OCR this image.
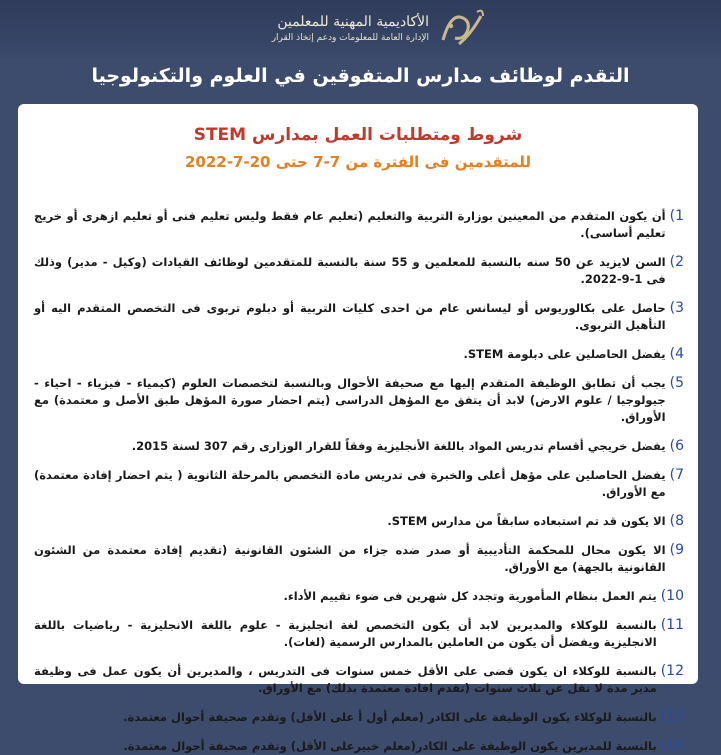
الأكاديمية المهنية للمعلمين
الإدارة العامة للمعلومات ودعم إتخاذ القرار
التقدم لوظائف مدارس المتفوقين في العلوم والتكنولوجيا
شروط ومتطلبات العمل بمدارس STEM
للمتقدمين فى الفترة من 7-7 حتى 20-7-2022
1)
أن يكون المتقدم من المعينين بوزارة التربية والتعليم (تعليم عام فقط وليس تعليم فنى أو تعليم ازهرى أو خريج تعليم أساسى).
2)
السن لايزيد عن 50 سنه بالنسبة للمعلمين و 55 سنة بالنسبة للمتقدمين لوظائف القيادات (وكيل - مدير) وذلك فى 1-9-2022.
3)
حاصل على بكالوريوس أو ليسانس عام من احدى كليات التربية أو دبلوم تربوى فى التخصص المتقدم اليه أو التأهيل التربوى.
4)
يفضل الحاصلين على دبلومة STEM.
5)
يجب أن تطابق الوظيفة المتقدم إليها مع صحيفة الأحوال وبالنسبة لتخصصات العلوم (كيمياء - فيزياء - احياء - جيولوجيا / علوم الارض) لابد أن يتفق مع المؤهل الدراسى (يتم احضار صورة المؤهل طبق الأصل و معتمدة) مع الأوراق.
6)
يفضل خريجي أقسام تدريس المواد باللغة الأنجليزية وفقاً للقرار الوزارى رقم 307 لسنة 2015.
7)
يفضل الحاصلين على مؤهل أعلى والخبرة فى تدريس مادة التخصص بالمرحلة الثانوية ( يتم احضار إفادة معتمدة) مع الأوراق.
8)
الا يكون قد تم استبعاده سابقاً من مدارس STEM.
9)
الا يكون محال للمحكمة التأديبية أو صدر ضده جزاء من الشئون القانونية (تقديم إفادة معتمدة من الشئون القانونية بالجهة) مع الأوراق.
10)
يتم العمل بنظام المأمورية وتجدد كل شهرين فى ضوء تقييم الأداء.
11)
بالنسبة للوكلاء والمديرين لابد أن يكون التخصص لغة انجليزية - علوم باللغة الانجليزية - رياضيات باللغة الانجليزية ويفضل أن يكون من العاملين بالمدارس الرسمية (لغات).
12)
بالنسبة للوكلاء ان يكون قضى على الأقل خمس سنوات فى التدريس ، والمديرين أن يكون عمل فى وظيفة مدير مدة لا تقل عن ثلاث سنوات (تقدم افادة معتمدة بذلك) مع الأوراق.
13)
بالنسبة للوكلاء يكون الوظيفة على الكادر (معلم أول أ على الأقل) وتقدم صحيفة أحوال معتمدة.
14)
بالنسبة للمديرين يكون الوظيفة على الكادر(معلم خبيرعلى الأقل) وتقدم صحيفة أحوال معتمدة.
